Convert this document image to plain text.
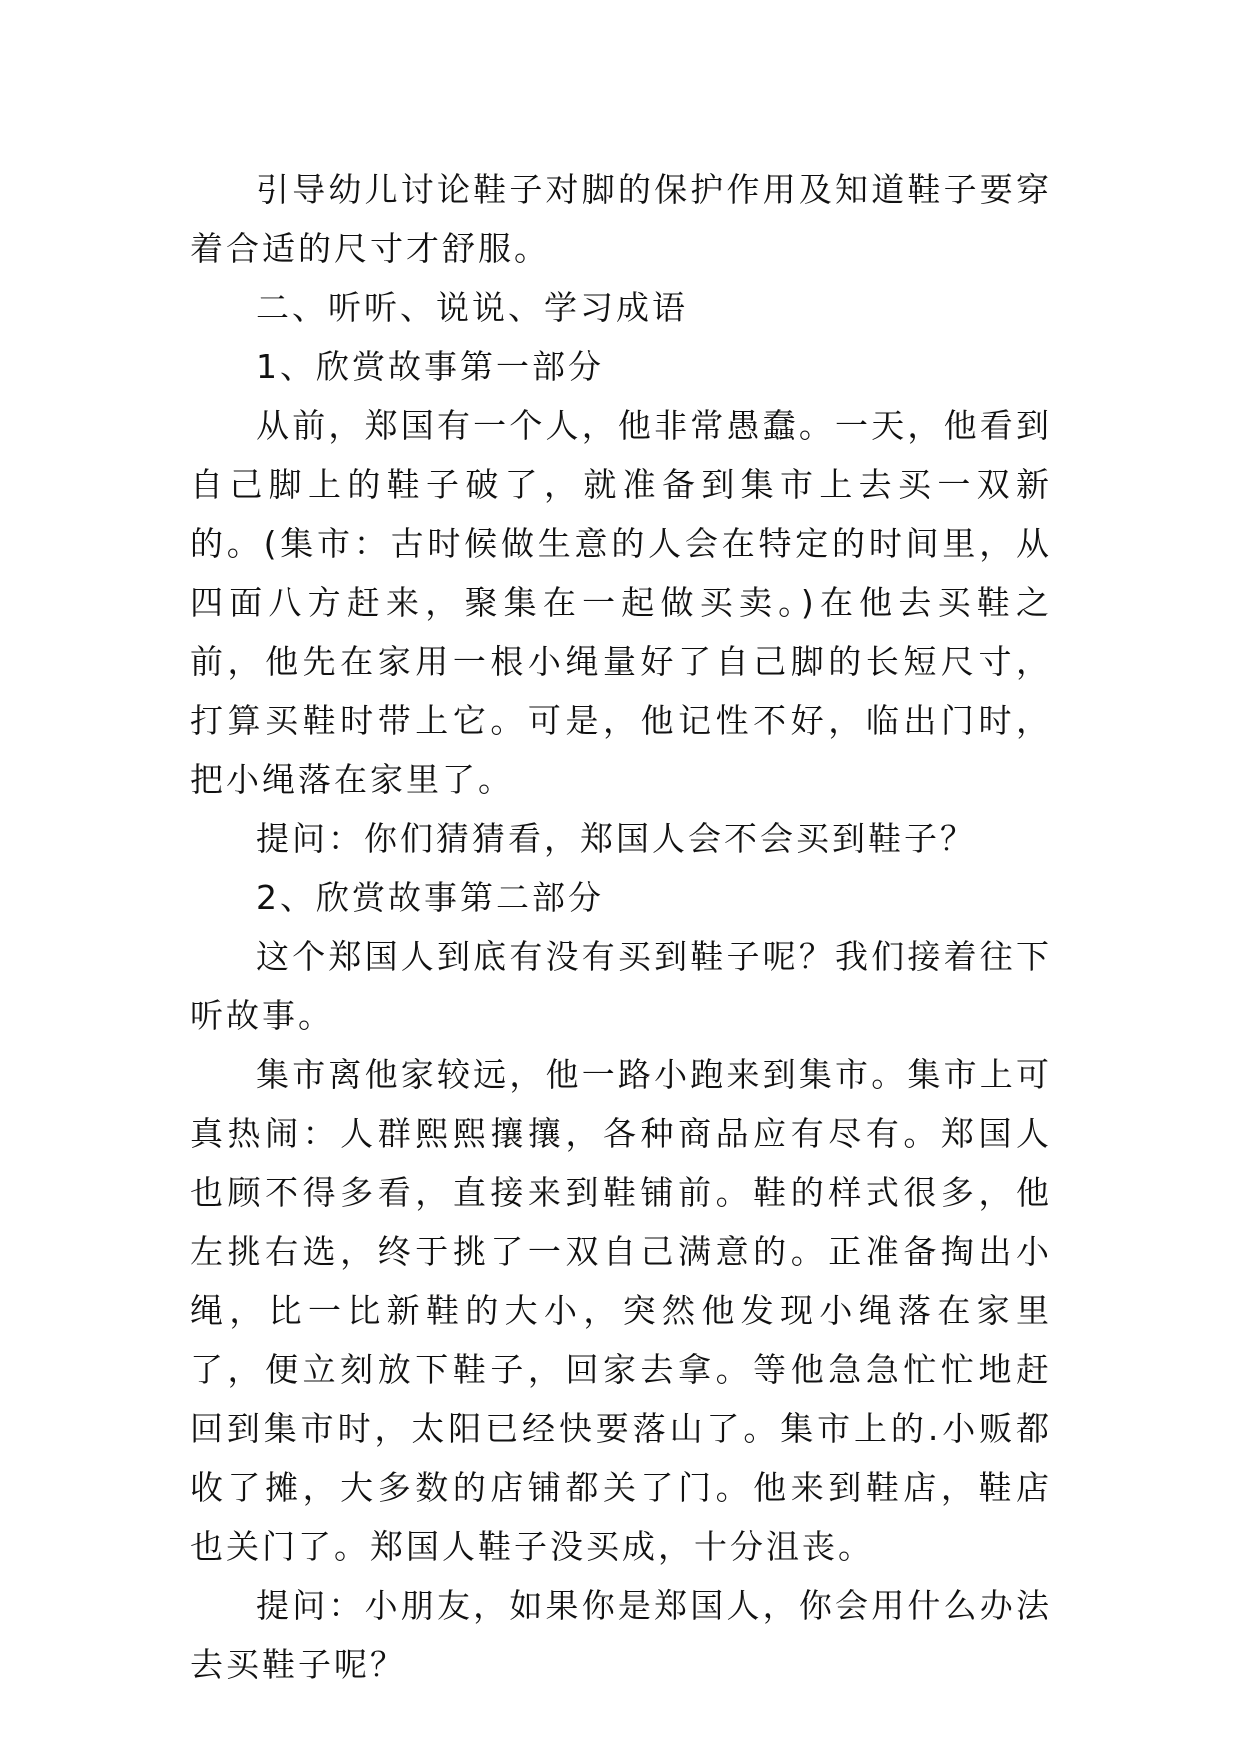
引导幼儿讨论鞋子对脚的保护作用及知道鞋子要穿着合适的尺寸才舒服。

二、听听、说说、学习成语

1、欣赏故事第一部分

从前，郑国有一个人，他非常愚蠢。一天，他看到自己脚上的鞋子破了，就准备到集市上去买一双新的。(集市：古时候做生意的人会在特定的时间里，从四面八方赶来，聚集在一起做买卖。)在他去买鞋之前，他先在家用一根小绳量好了自己脚的长短尺寸，打算买鞋时带上它。可是，他记性不好，临出门时，把小绳落在家里了。

提问：你们猜猜看，郑国人会不会买到鞋子？

2、欣赏故事第二部分

这个郑国人到底有没有买到鞋子呢？我们接着往下听故事。

集市离他家较远，他一路小跑来到集市。集市上可真热闹：人群熙熙攘攘，各种商品应有尽有。郑国人也顾不得多看，直接来到鞋铺前。鞋的样式很多，他左挑右选，终于挑了一双自己满意的。正准备掏出小绳，比一比新鞋的大小，突然他发现小绳落在家里了，便立刻放下鞋子，回家去拿。等他急急忙忙地赶回到集市时，太阳已经快要落山了。集市上的.小贩都收了摊，大多数的店铺都关了门。他来到鞋店，鞋店也关门了。郑国人鞋子没买成，十分沮丧。

提问：小朋友，如果你是郑国人，你会用什么办法去买鞋子呢？
